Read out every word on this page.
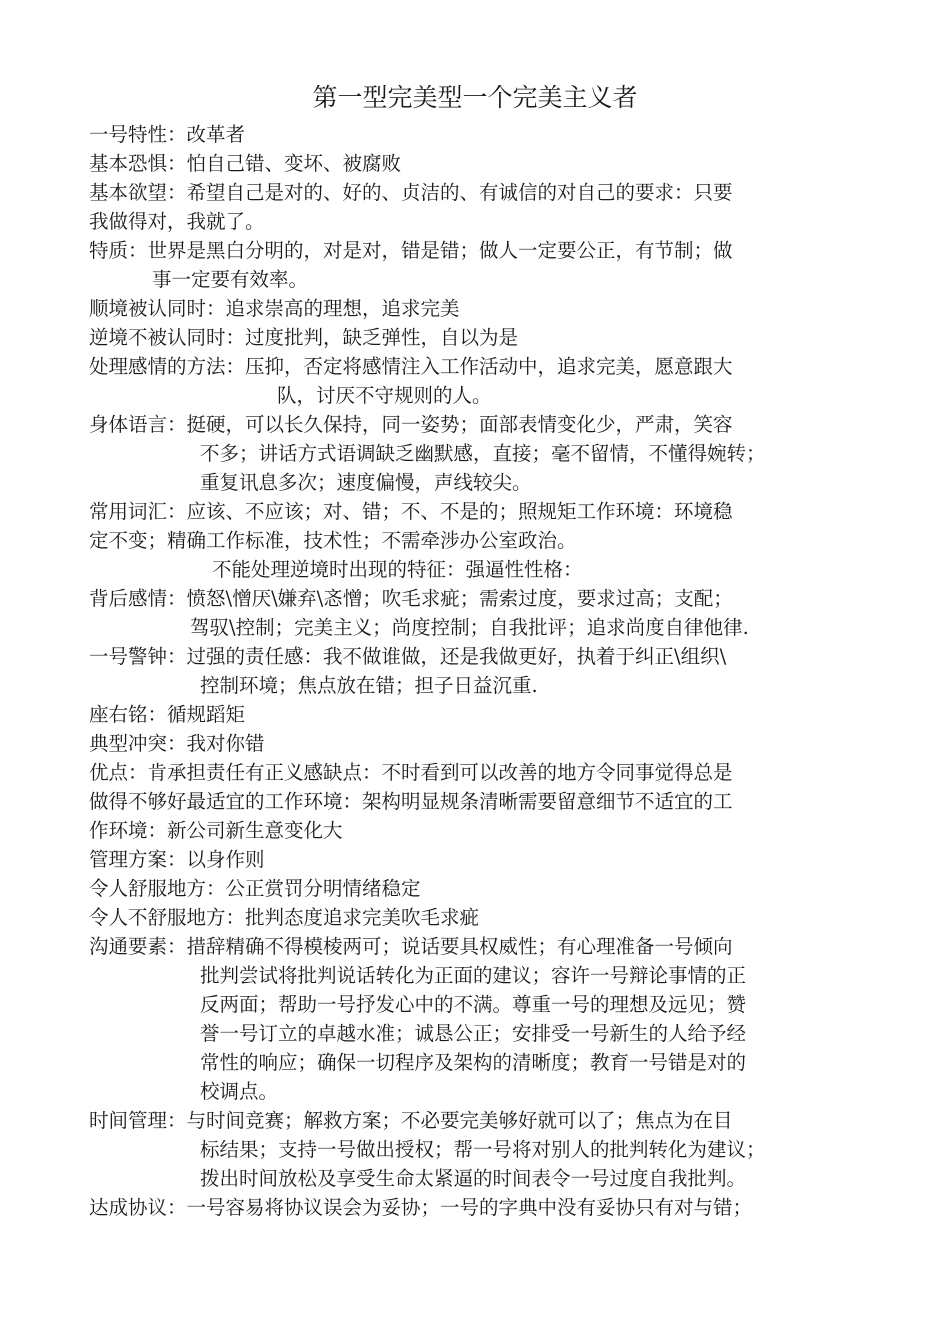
第一型完美型一个完美主义者
一号特性：改革者
基本恐惧：怕自己错、变坏、被腐败
基本欲望：希望自己是对的、好的、贞洁的、有诚信的对自己的要求：只要
我做得对，我就了。
特质：世界是黑白分明的，对是对，错是错；做人一定要公正，有节制；做
事一定要有效率。
顺境被认同时：追求崇高的理想，追求完美
逆境不被认同时：过度批判，缺乏弹性，自以为是
处理感情的方法：压抑，否定将感情注入工作活动中，追求完美，愿意跟大
队，讨厌不守规则的人。
身体语言：挺硬，可以长久保持，同一姿势；面部表情变化少，严肃，笑容
不多；讲话方式语调缺乏幽默感，直接；毫不留情，不懂得婉转；
重复讯息多次；速度偏慢，声线较尖。
常用词汇：应该、不应该；对、错；不、不是的；照规矩工作环境：环境稳
定不变；精确工作标准，技术性；不需牵涉办公室政治。
不能处理逆境时出现的特征：强逼性性格：
背后感情：愤怒\憎厌\嫌弃\忞憎；吹毛求疵；需索过度，要求过高；支配；
驾驭\控制；完美主义；尚度控制；自我批评；追求尚度自律他律.
一号警钟：过强的责任感：我不做谁做，还是我做更好，执着于纠正\组织\
控制环境；焦点放在错；担子日益沉重.
座右铭：循规蹈矩
典型冲突：我对你错
优点：肯承担责任有正义感缺点：不时看到可以改善的地方令同事觉得总是
做得不够好最适宜的工作环境：架构明显规条清晰需要留意细节不适宜的工
作环境：新公司新生意变化大
管理方案：以身作则
令人舒服地方：公正赏罚分明情绪稳定
令人不舒服地方：批判态度追求完美吹毛求疵
沟通要素：措辞精确不得模棱两可；说话要具权威性；有心理准备一号倾向
批判尝试将批判说话转化为正面的建议；容许一号辩论事情的正
反两面；帮助一号抒发心中的不满。尊重一号的理想及远见；赞
誉一号订立的卓越水准；诚恳公正；安排受一号新生的人给予经
常性的响应；确保一切程序及架构的清晰度；教育一号错是对的
校调点。
时间管理：与时间竞赛；解救方案；不必要完美够好就可以了；焦点为在目
标结果；支持一号做出授权；帮一号将对别人的批判转化为建议；
拨出时间放松及享受生命太紧逼的时间表令一号过度自我批判。
达成协议：一号容易将协议误会为妥协；一号的字典中没有妥协只有对与错；
